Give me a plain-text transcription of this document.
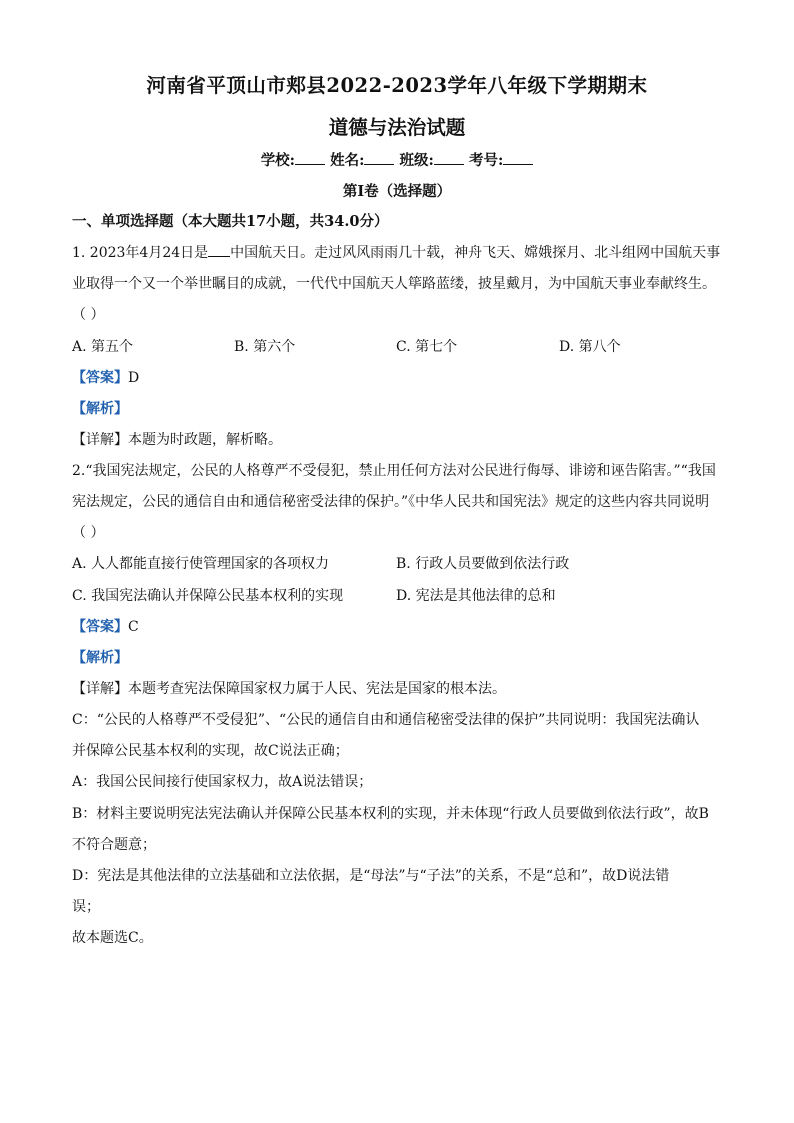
河南省平顶山市郏县2022-2023学年八年级下学期期末
道德与法治试题
学校: 姓名: 班级: 考号:
第Ⅰ卷（选择题）
一、单项选择题（本大题共17小题，共34.0分）
1. 2023年4月24日是 中国航天日。走过风风雨雨几十载，神舟飞天、嫦娥探月、北斗组网中国航天事
业取得一个又一个举世瞩目的成就，一代代中国航天人筚路蓝缕，披星戴月，为中国航天事业奉献终生。
（ ）
A. 第五个	B. 第六个	C. 第七个	D. 第八个
【答案】D
【解析】
【详解】本题为时政题，解析略。
2.“我国宪法规定，公民的人格尊严不受侵犯，禁止用任何方法对公民进行侮辱、诽谤和诬告陷害。”“我国
宪法规定，公民的通信自由和通信秘密受法律的保护。”《中华人民共和国宪法》规定的这些内容共同说明
（ ）
A. 人人都能直接行使管理国家的各项权力	B. 行政人员要做到依法行政
C. 我国宪法确认并保障公民基本权利的实现	D. 宪法是其他法律的总和
【答案】C
【解析】
【详解】本题考查宪法保障国家权力属于人民、宪法是国家的根本法。
C：“公民的人格尊严不受侵犯”、“公民的通信自由和通信秘密受法律的保护”共同说明：我国宪法确认
并保障公民基本权利的实现，故C说法正确；
A：我国公民间接行使国家权力，故A说法错误；
B：材料主要说明宪法宪法确认并保障公民基本权利的实现，并未体现“行政人员要做到依法行政”，故B
不符合题意；
D：宪法是其他法律的立法基础和立法依据，是“母法”与“子法”的关系，不是“总和”，故D说法错
误；
故本题选C。
